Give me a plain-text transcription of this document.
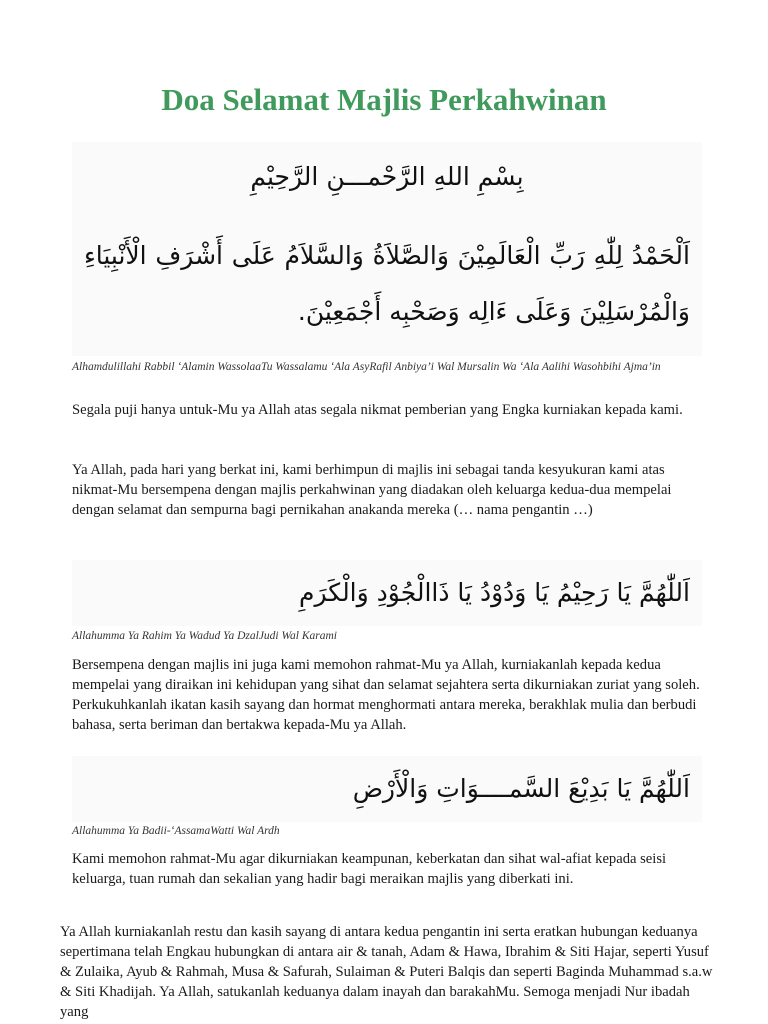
Doa Selamat Majlis Perkahwinan
بِسْمِ اللهِ الرَّحْمـــنِ الرَّحِيْمِ
اَلْحَمْدُ لِلّٰهِ رَبِّ الْعَالَمِيْنَ وَالصَّلاَةُ وَالسَّلاَمُ عَلَى أَشْرَفِ الْأَنْبِيَاءِ وَالْمُرْسَلِيْنَ وَعَلَى ءَالِه وَصَحْبِه أَجْمَعِيْنَ.
Alhamdulillahi Rabbil ‘Alamin WassolaaTu Wassalamu ‘Ala AsyRafil Anbiya’i Wal Mursalin Wa ‘Ala Aalihi Wasohbihi Ajma’in
Segala puji hanya untuk-Mu ya Allah atas segala nikmat pemberian yang Engka kurniakan kepada kami.
Ya Allah, pada hari yang berkat ini, kami berhimpun di majlis ini sebagai tanda kesyukuran kami atas nikmat-Mu bersempena dengan majlis perkahwinan yang diadakan oleh keluarga kedua-dua mempelai dengan selamat dan sempurna bagi pernikahan anakanda mereka (… nama pengantin …)
اَللّٰهُمَّ يَا رَحِيْمُ يَا وَدُوْدُ يَا ذَاالْجُوْدِ وَالْكَرَمِ
Allahumma Ya Rahim Ya Wadud Ya DzalJudi Wal Karami
Bersempena dengan majlis ini juga kami memohon rahmat-Mu ya Allah, kurniakanlah kepada kedua mempelai yang diraikan ini kehidupan yang sihat dan selamat sejahtera serta dikurniakan zuriat yang soleh. Perkukuhkanlah ikatan kasih sayang dan hormat menghormati antara mereka, berakhlak mulia dan berbudi bahasa, serta beriman dan bertakwa kepada-Mu ya Allah.
اَللّٰهُمَّ يَا بَدِيْعَ السَّمــــوَاتِ وَالْأَرْضِ
Allahumma Ya Badii-‘AssamaWatti Wal Ardh
Kami memohon rahmat-Mu agar dikurniakan keampunan, keberkatan dan sihat wal-afiat kepada seisi keluarga, tuan rumah dan sekalian yang hadir bagi meraikan majlis yang diberkati ini.
Ya Allah kurniakanlah restu dan kasih sayang di antara kedua pengantin ini serta eratkan hubungan keduanya sepertimana telah Engkau hubungkan di antara air & tanah, Adam & Hawa, Ibrahim & Siti Hajar, seperti Yusuf & Zulaika, Ayub & Rahmah, Musa & Safurah, Sulaiman & Puteri Balqis dan seperti Baginda Muhammad s.a.w & Siti Khadijah. Ya Allah, satukanlah keduanya dalam inayah dan barakahMu. Semoga menjadi Nur ibadah yang
